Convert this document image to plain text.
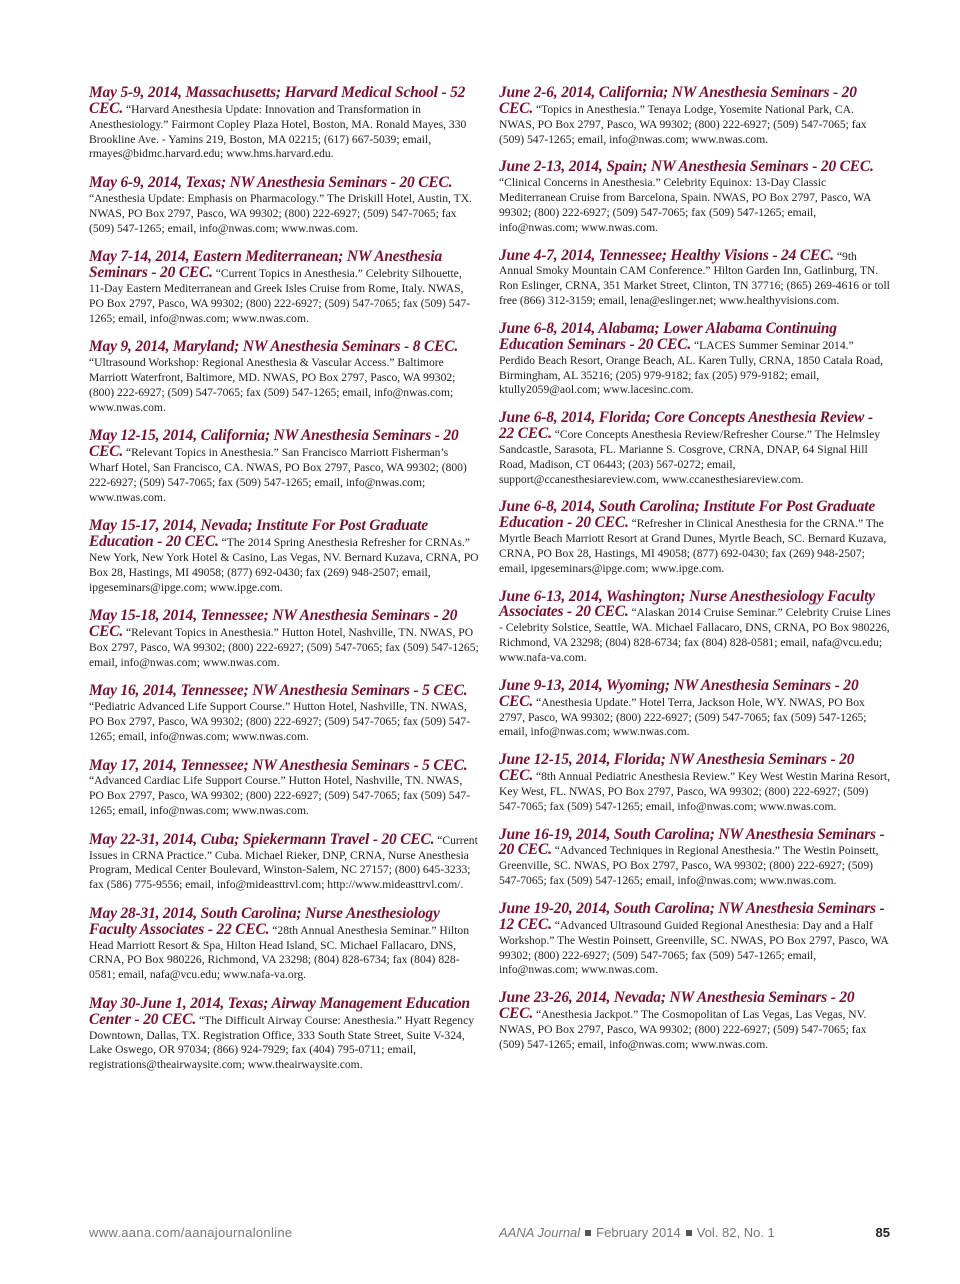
May 5-9, 2014, Massachusetts; Harvard Medical School - 52 CEC. “Harvard Anesthesia Update: Innovation and Transformation in Anesthesiology.” Fairmont Copley Plaza Hotel, Boston, MA. Ronald Mayes, 330 Brookline Ave. - Yamins 219, Boston, MA 02215; (617) 667-5039; email, rmayes@bidmc.harvard.edu; www.hms.harvard.edu.

May 6-9, 2014, Texas; NW Anesthesia Seminars - 20 CEC. “Anesthesia Update: Emphasis on Pharmacology.” The Driskill Hotel, Austin, TX. NWAS, PO Box 2797, Pasco, WA 99302; (800) 222-6927; (509) 547-7065; fax (509) 547-1265; email, info@nwas.com; www.nwas.com.

May 7-14, 2014, Eastern Mediterranean; NW Anesthesia Seminars - 20 CEC. “Current Topics in Anesthesia.” Celebrity Silhouette, 11-Day Eastern Mediterranean and Greek Isles Cruise from Rome, Italy. NWAS, PO Box 2797, Pasco, WA 99302; (800) 222-6927; (509) 547-7065; fax (509) 547-1265; email, info@nwas.com; www.nwas.com.

May 9, 2014, Maryland; NW Anesthesia Seminars - 8 CEC. “Ultrasound Workshop: Regional Anesthesia & Vascular Access.” Baltimore Marriott Waterfront, Baltimore, MD. NWAS, PO Box 2797, Pasco, WA 99302; (800) 222-6927; (509) 547-7065; fax (509) 547-1265; email, info@nwas.com; www.nwas.com.

May 12-15, 2014, California; NW Anesthesia Seminars - 20 CEC. “Relevant Topics in Anesthesia.” San Francisco Marriott Fisherman’s Wharf Hotel, San Francisco, CA. NWAS, PO Box 2797, Pasco, WA 99302; (800) 222-6927; (509) 547-7065; fax (509) 547-1265; email, info@nwas.com; www.nwas.com.

May 15-17, 2014, Nevada; Institute For Post Graduate Education - 20 CEC. “The 2014 Spring Anesthesia Refresher for CRNAs.” New York, New York Hotel & Casino, Las Vegas, NV. Bernard Kuzava, CRNA, PO Box 28, Hastings, MI 49058; (877) 692-0430; fax (269) 948-2507; email, ipgeseminars@ipge.com; www.ipge.com.

May 15-18, 2014, Tennessee; NW Anesthesia Seminars - 20 CEC. “Relevant Topics in Anesthesia.” Hutton Hotel, Nashville, TN. NWAS, PO Box 2797, Pasco, WA 99302; (800) 222-6927; (509) 547-7065; fax (509) 547-1265; email, info@nwas.com; www.nwas.com.

May 16, 2014, Tennessee; NW Anesthesia Seminars - 5 CEC. “Pediatric Advanced Life Support Course.” Hutton Hotel, Nashville, TN. NWAS, PO Box 2797, Pasco, WA 99302; (800) 222-6927; (509) 547-7065; fax (509) 547-1265; email, info@nwas.com; www.nwas.com.

May 17, 2014, Tennessee; NW Anesthesia Seminars - 5 CEC. “Advanced Cardiac Life Support Course.” Hutton Hotel, Nashville, TN. NWAS, PO Box 2797, Pasco, WA 99302; (800) 222-6927; (509) 547-7065; fax (509) 547-1265; email, info@nwas.com; www.nwas.com.

May 22-31, 2014, Cuba; Spiekermann Travel - 20 CEC. “Current Issues in CRNA Practice.” Cuba. Michael Rieker, DNP, CRNA, Nurse Anesthesia Program, Medical Center Boulevard, Winston-Salem, NC 27157; (800) 645-3233; fax (586) 775-9556; email, info@mideasttrvl.com; http://www.mideasttrvl.com/.

May 28-31, 2014, South Carolina; Nurse Anesthesiology Faculty Associates - 22 CEC. “28th Annual Anesthesia Seminar.” Hilton Head Marriott Resort & Spa, Hilton Head Island, SC. Michael Fallacaro, DNS, CRNA, PO Box 980226, Richmond, VA 23298; (804) 828-6734; fax (804) 828-0581; email, nafa@vcu.edu; www.nafa-va.org.

May 30-June 1, 2014, Texas; Airway Management Education Center - 20 CEC. “The Difficult Airway Course: Anesthesia.” Hyatt Regency Downtown, Dallas, TX. Registration Office, 333 South State Street, Suite V-324, Lake Oswego, OR 97034; (866) 924-7929; fax (404) 795-0711; email, registrations@theairwaysite.com; www.theairwaysite.com.

June 2-6, 2014, California; NW Anesthesia Seminars - 20 CEC. “Topics in Anesthesia.” Tenaya Lodge, Yosemite National Park, CA. NWAS, PO Box 2797, Pasco, WA 99302; (800) 222-6927; (509) 547-7065; fax (509) 547-1265; email, info@nwas.com; www.nwas.com.

June 2-13, 2014, Spain; NW Anesthesia Seminars - 20 CEC. “Clinical Concerns in Anesthesia.” Celebrity Equinox: 13-Day Classic Mediterranean Cruise from Barcelona, Spain. NWAS, PO Box 2797, Pasco, WA 99302; (800) 222-6927; (509) 547-7065; fax (509) 547-1265; email, info@nwas.com; www.nwas.com.

June 4-7, 2014, Tennessee; Healthy Visions - 24 CEC. “9th Annual Smoky Mountain CAM Conference.” Hilton Garden Inn, Gatlinburg, TN. Ron Eslinger, CRNA, 351 Market Street, Clinton, TN 37716; (865) 269-4616 or toll free (866) 312-3159; email, lena@eslinger.net; www.healthyvisions.com.

June 6-8, 2014, Alabama; Lower Alabama Continuing Education Seminars - 20 CEC. “LACES Summer Seminar 2014.” Perdido Beach Resort, Orange Beach, AL. Karen Tully, CRNA, 1850 Catala Road, Birmingham, AL 35216; (205) 979-9182; fax (205) 979-9182; email, ktully2059@aol.com; www.lacesinc.com.

June 6-8, 2014, Florida; Core Concepts Anesthesia Review - 22 CEC. “Core Concepts Anesthesia Review/Refresher Course.” The Helmsley Sandcastle, Sarasota, FL. Marianne S. Cosgrove, CRNA, DNAP, 64 Signal Hill Road, Madison, CT 06443; (203) 567-0272; email, support@ccanesthesiareview.com, www.ccanesthesiareview.com.

June 6-8, 2014, South Carolina; Institute For Post Graduate Education - 20 CEC. “Refresher in Clinical Anesthesia for the CRNA.” The Myrtle Beach Marriott Resort at Grand Dunes, Myrtle Beach, SC. Bernard Kuzava, CRNA, PO Box 28, Hastings, MI 49058; (877) 692-0430; fax (269) 948-2507; email, ipgeseminars@ipge.com; www.ipge.com.

June 6-13, 2014, Washington; Nurse Anesthesiology Faculty Associates - 20 CEC. “Alaskan 2014 Cruise Seminar.” Celebrity Cruise Lines - Celebrity Solstice, Seattle, WA. Michael Fallacaro, DNS, CRNA, PO Box 980226, Richmond, VA 23298; (804) 828-6734; fax (804) 828-0581; email, nafa@vcu.edu; www.nafa-va.com.

June 9-13, 2014, Wyoming; NW Anesthesia Seminars - 20 CEC. “Anesthesia Update.” Hotel Terra, Jackson Hole, WY. NWAS, PO Box 2797, Pasco, WA 99302; (800) 222-6927; (509) 547-7065; fax (509) 547-1265; email, info@nwas.com; www.nwas.com.

June 12-15, 2014, Florida; NW Anesthesia Seminars - 20 CEC. “8th Annual Pediatric Anesthesia Review.” Key West Westin Marina Resort, Key West, FL. NWAS, PO Box 2797, Pasco, WA 99302; (800) 222-6927; (509) 547-7065; fax (509) 547-1265; email, info@nwas.com; www.nwas.com.

June 16-19, 2014, South Carolina; NW Anesthesia Seminars - 20 CEC. “Advanced Techniques in Regional Anesthesia.” The Westin Poinsett, Greenville, SC. NWAS, PO Box 2797, Pasco, WA 99302; (800) 222-6927; (509) 547-7065; fax (509) 547-1265; email, info@nwas.com; www.nwas.com.

June 19-20, 2014, South Carolina; NW Anesthesia Seminars - 12 CEC. “Advanced Ultrasound Guided Regional Anesthesia: Day and a Half Workshop.” The Westin Poinsett, Greenville, SC. NWAS, PO Box 2797, Pasco, WA 99302; (800) 222-6927; (509) 547-7065; fax (509) 547-1265; email, info@nwas.com; www.nwas.com.

June 23-26, 2014, Nevada; NW Anesthesia Seminars - 20 CEC. “Anesthesia Jackpot.” The Cosmopolitan of Las Vegas, Las Vegas, NV. NWAS, PO Box 2797, Pasco, WA 99302; (800) 222-6927; (509) 547-7065; fax (509) 547-1265; email, info@nwas.com; www.nwas.com.

www.aana.com/aanajournalonline	AANA Journal February 2014 Vol. 82, No. 1	85
